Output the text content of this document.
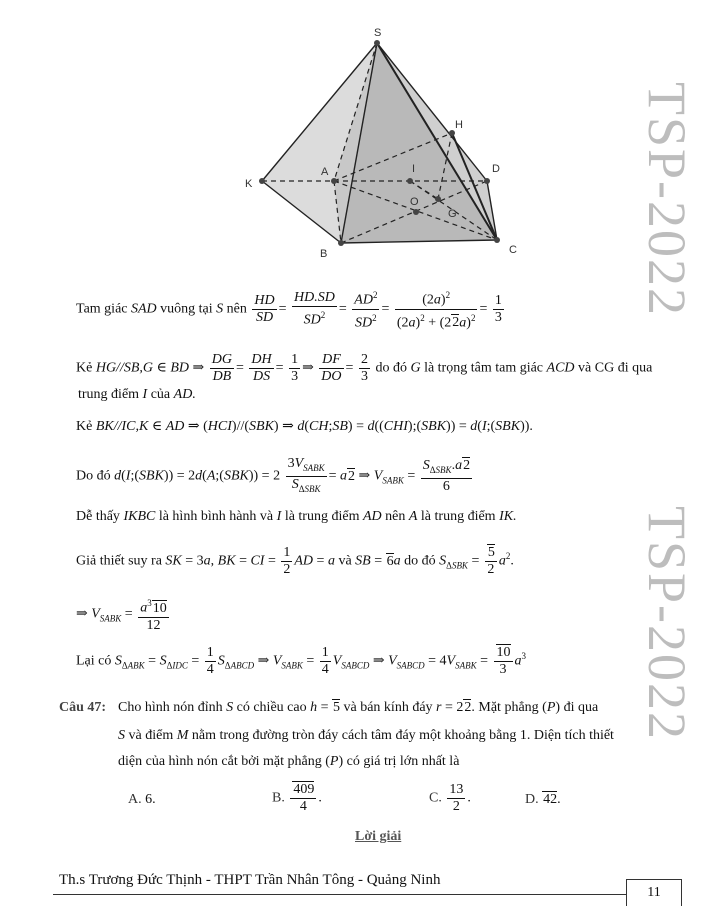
TSP-2022
TSP-2022
S
H
K
A	I	D
O
G
B	C
Tam giác SAD vuông tại S nên $\frac{HD}{SD} = \frac{HD.SD}{SD^2} = \frac{AD^2}{SD^2} = \frac{(2a)^2}{(2a)^2 + (22a)^2} = \frac{1}{3}$
Kẻ HG//SB,G ∈ BD ⇒ $\frac{DG}{DB} = \frac{DH}{DS} = \frac{1}{3}$ ⇒ $\frac{DF}{DO} = \frac{2}{3}$ do đó G là trọng tâm tam giác ACD và CG đi qua
trung điểm I của AD.
Kẻ BK//IC,K ∈ AD ⇒ (HCI)//(SBK) ⇒ d(CH;SB) = d((CHI);(SBK)) = d(I;(SBK)).
Do đó d(I;(SBK)) = 2d(A;(SBK)) = $2 \frac{3V_{SABK}}{S_{\Delta SBK}} = a2$ ⇒ $V_{SABK} = \frac{S_{\Delta SBK}.a2}{6}$
Dễ thấy IKBC là hình bình hành và I là trung điểm AD nên A là trung điểm IK.
Giả thiết suy ra SK = 3a, BK = CI = $\frac{1}{2}$ AD = a và SB = 6a do đó $S_{\Delta SBK} = \frac{5}{2} a^2$.
⇒ $V_{SABK} = \frac{a^310}{12}$
Lại có $S_{\Delta ABK} = S_{\Delta IDC} = \frac{1}{4} S_{\Delta ABCD}$ ⇒ $V_{SABK} = \frac{1}{4} V_{SABCD}$ ⇒ $V_{SABCD} = 4V_{SABK} = \frac{10}{3} a^3$
Câu 47: Cho hình nón đỉnh S có chiều cao h = 5 và bán kính đáy r = 22. Mặt phẳng (P) đi qua
S và điểm M nằm trong đường tròn đáy cách tâm đáy một khoảng bằng 1. Diện tích thiết
diện của hình nón cắt bởi mặt phẳng (P) có giá trị lớn nhất là
A. 6.	B. $\frac{409}{4}$ .	C. $\frac{13}{2}$ .	D. 42.
Lời giải
Th.s Trương Đức Thịnh - THPT Trần Nhân Tông - Quảng Ninh
11
